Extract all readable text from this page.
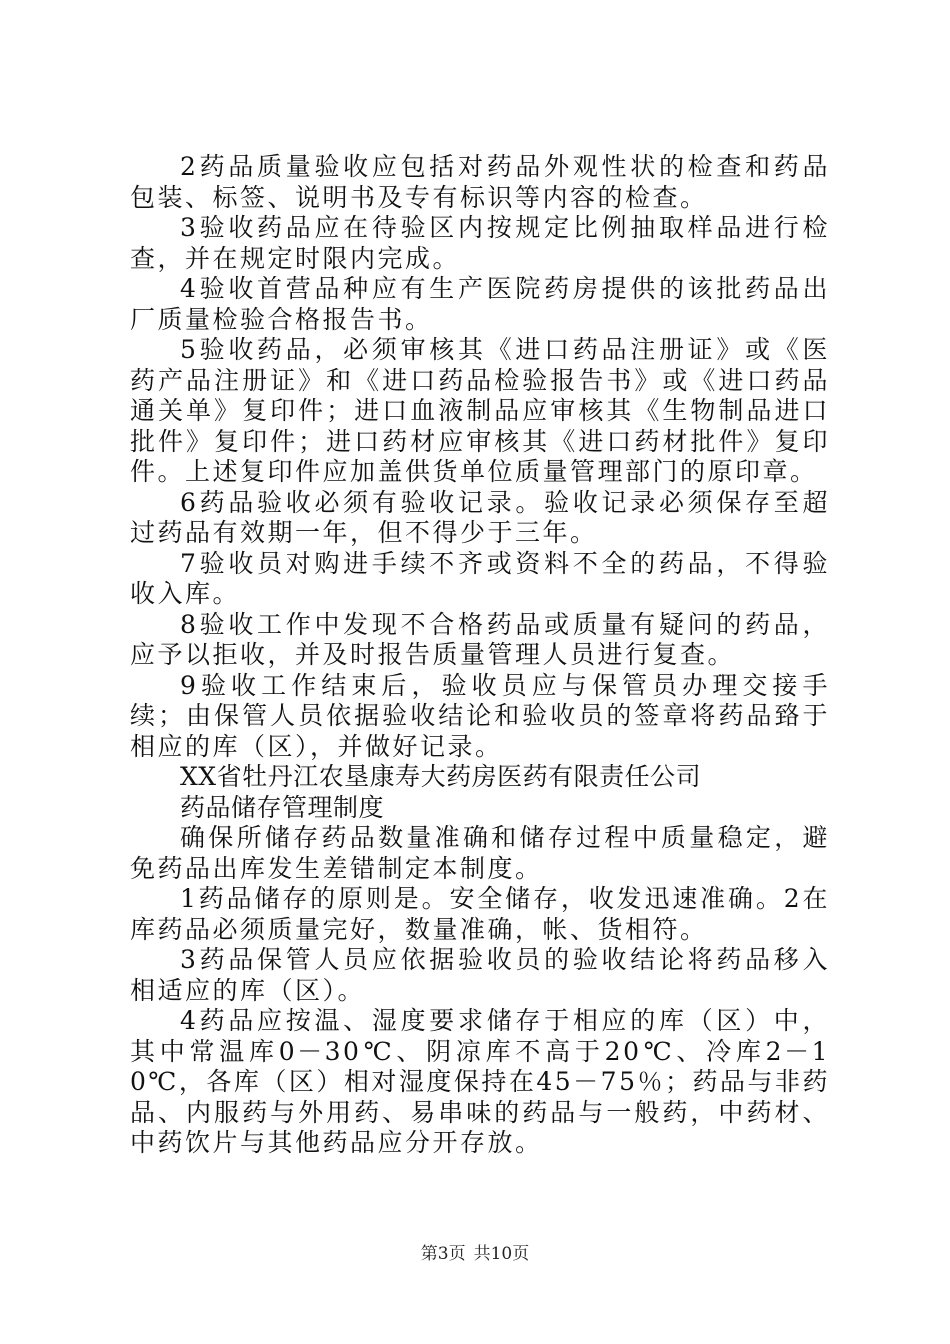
2药品质量验收应包括对药品外观性状的检查和药品包装、标签、说明书及专有标识等内容的检查。

3验收药品应在待验区内按规定比例抽取样品进行检查，并在规定时限内完成。

4验收首营品种应有生产医院药房提供的该批药品出厂质量检验合格报告书。

5验收药品，必须审核其《进口药品注册证》或《医药产品注册证》和《进口药品检验报告书》或《进口药品通关单》复印件；进口血液制品应审核其《生物制品进口批件》复印件；进口药材应审核其《进口药材批件》复印件。上述复印件应加盖供货单位质量管理部门的原印章。

6药品验收必须有验收记录。验收记录必须保存至超过药品有效期一年，但不得少于三年。

7验收员对购进手续不齐或资料不全的药品，不得验收入库。

8验收工作中发现不合格药品或质量有疑问的药品，应予以拒收，并及时报告质量管理人员进行复查。

9验收工作结束后，验收员应与保管员办理交接手续；由保管人员依据验收结论和验收员的签章将药品臵于相应的库（区），并做好记录。

XX省牡丹江农垦康寿大药房医药有限责任公司

药品储存管理制度

确保所储存药品数量准确和储存过程中质量稳定，避免药品出库发生差错制定本制度。

1药品储存的原则是。安全储存，收发迅速准确。2在库药品必须质量完好，数量准确，帐、货相符。

3药品保管人员应依据验收员的验收结论将药品移入相适应的库（区）。

4药品应按温、湿度要求储存于相应的库（区）中，其中常温库0－30℃、阴凉库不高于20℃、冷库2－10℃，各库（区）相对湿度保持在45－75％；药品与非药品、内服药与外用药、易串味的药品与一般药，中药材、中药饮片与其他药品应分开存放。

第3页 共10页
